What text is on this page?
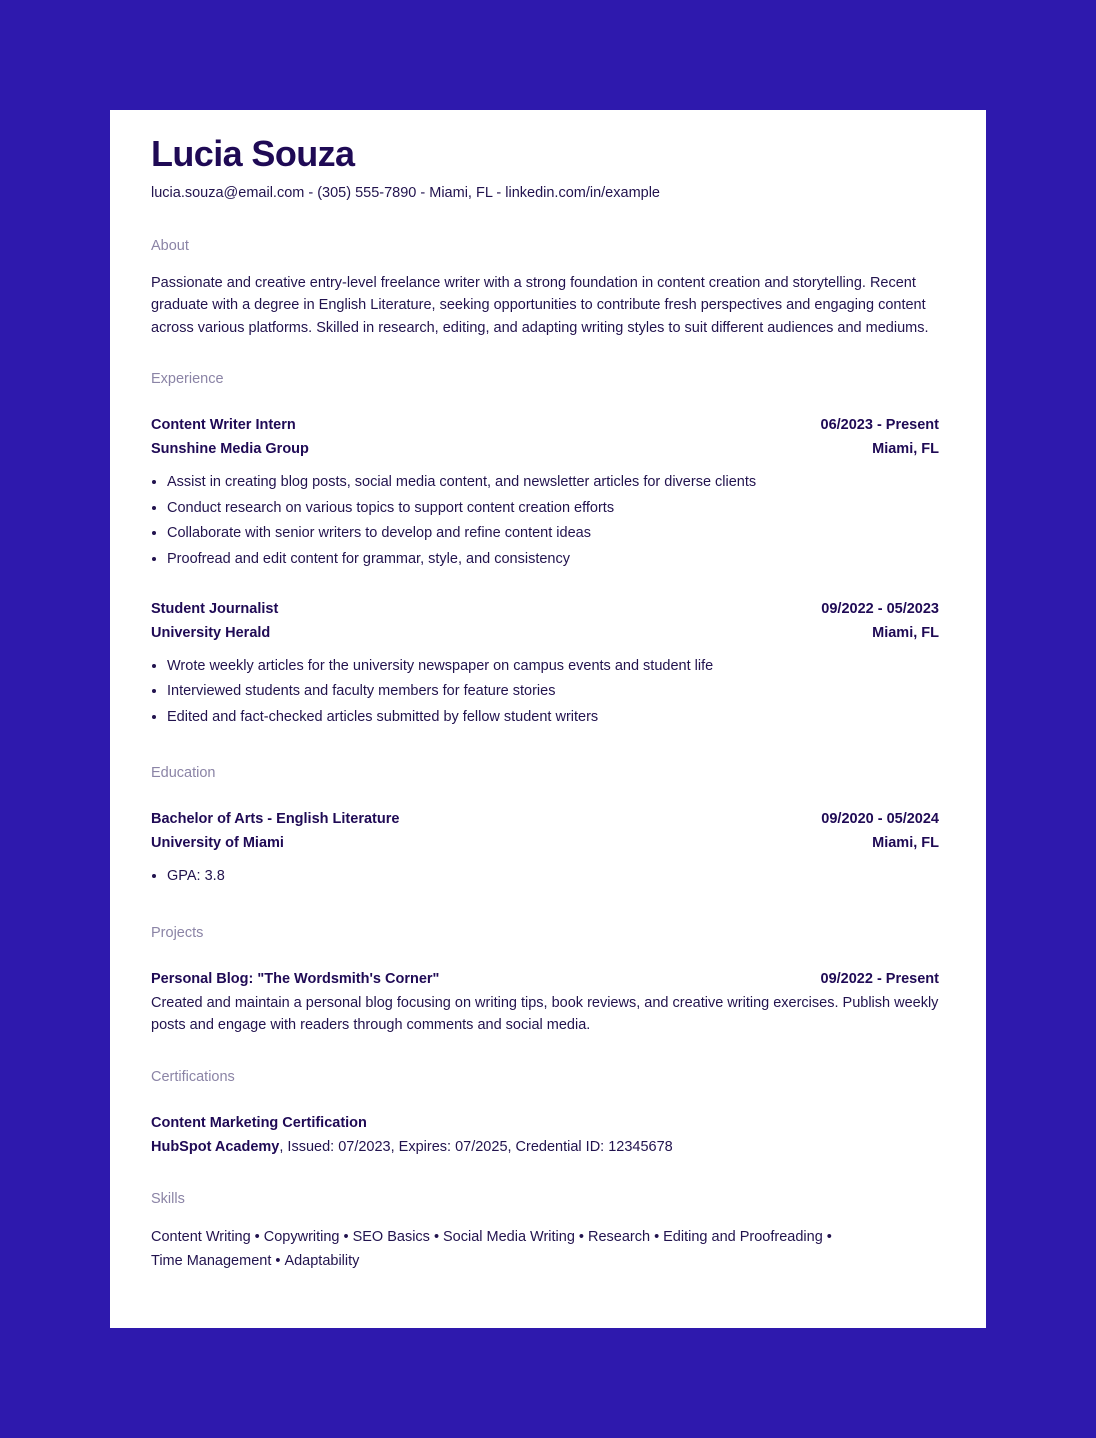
Lucia Souza
lucia.souza@email.com - (305) 555-7890 - Miami, FL - linkedin.com/in/example
About
Passionate and creative entry-level freelance writer with a strong foundation in content creation and storytelling. Recent graduate with a degree in English Literature, seeking opportunities to contribute fresh perspectives and engaging content across various platforms. Skilled in research, editing, and adapting writing styles to suit different audiences and mediums.
Experience
Content Writer Intern	06/2023 - Present
Sunshine Media Group	Miami, FL
• Assist in creating blog posts, social media content, and newsletter articles for diverse clients
• Conduct research on various topics to support content creation efforts
• Collaborate with senior writers to develop and refine content ideas
• Proofread and edit content for grammar, style, and consistency
Student Journalist	09/2022 - 05/2023
University Herald	Miami, FL
• Wrote weekly articles for the university newspaper on campus events and student life
• Interviewed students and faculty members for feature stories
• Edited and fact-checked articles submitted by fellow student writers
Education
Bachelor of Arts - English Literature	09/2020 - 05/2024
University of Miami	Miami, FL
• GPA: 3.8
Projects
Personal Blog: "The Wordsmith's Corner"	09/2022 - Present
Created and maintain a personal blog focusing on writing tips, book reviews, and creative writing exercises. Publish weekly posts and engage with readers through comments and social media.
Certifications
Content Marketing Certification
HubSpot Academy, Issued: 07/2023, Expires: 07/2025, Credential ID: 12345678
Skills
Content Writing • Copywriting • SEO Basics • Social Media Writing • Research • Editing and Proofreading •
Time Management • Adaptability
